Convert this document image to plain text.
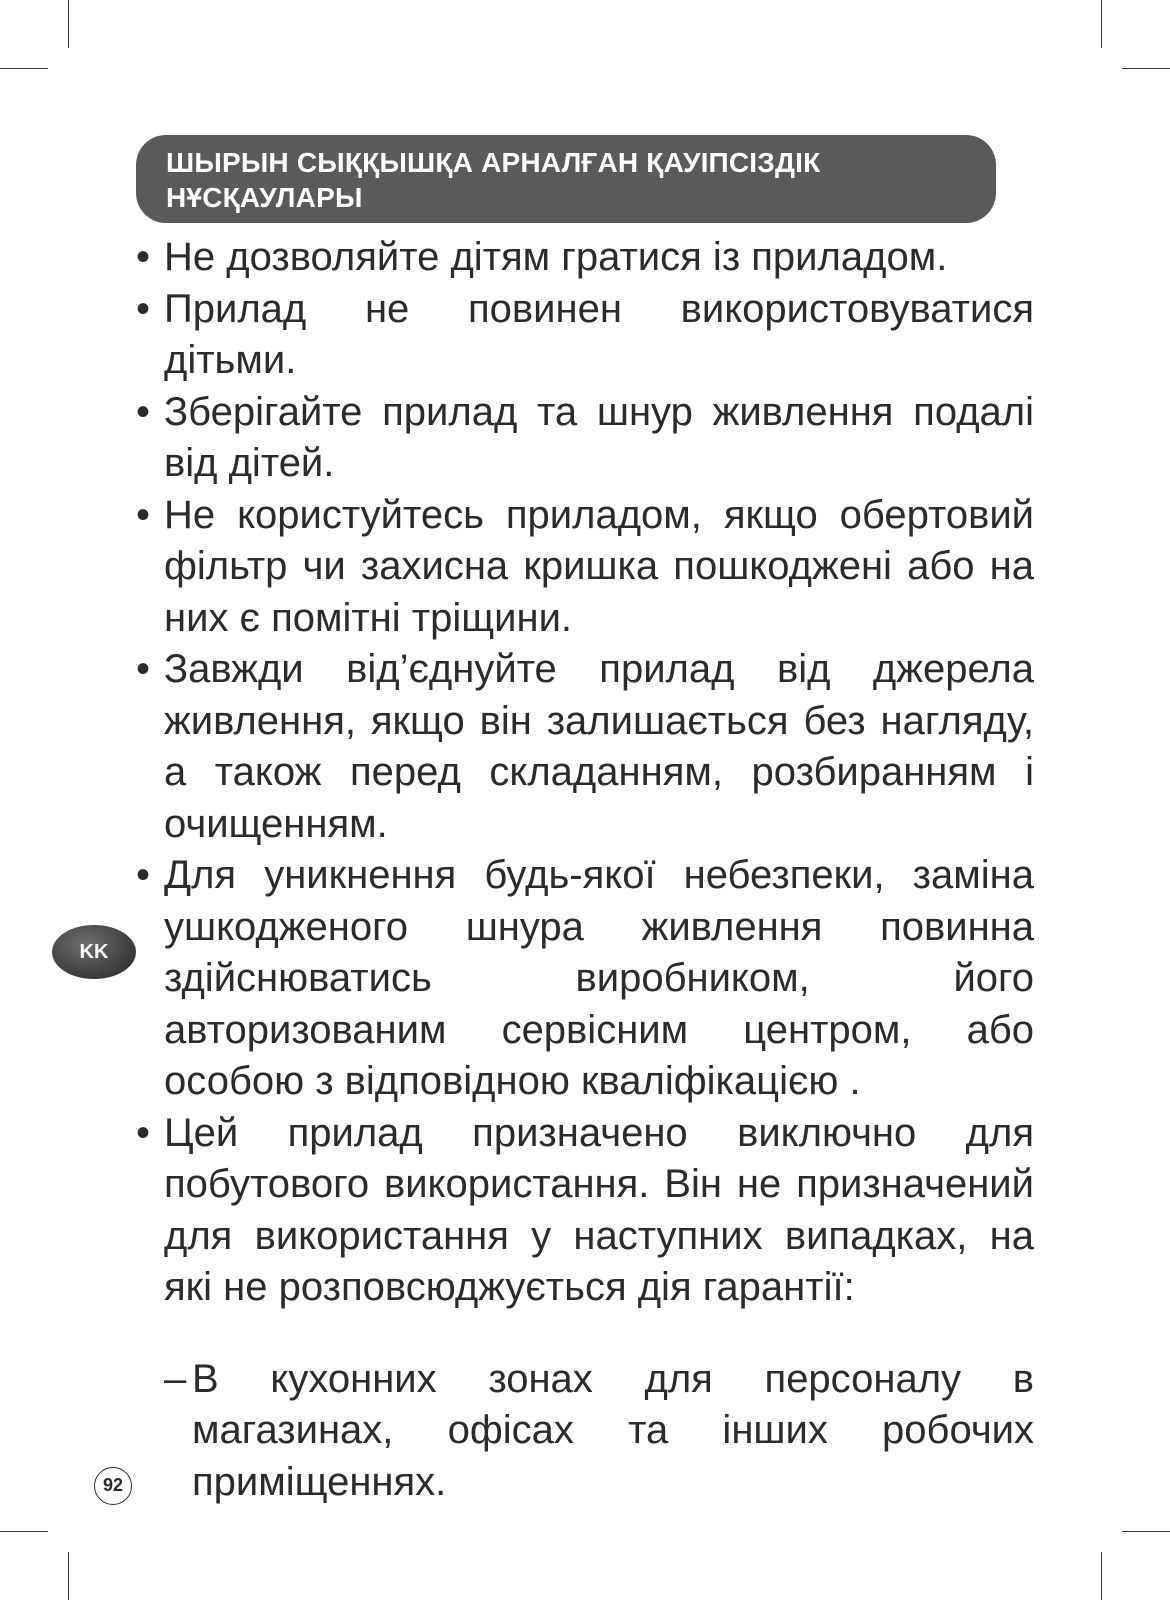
ШЫРЫН СЫҚҚЫШҚА АРНАЛҒАН ҚАУІПСІЗДІК НҰСҚАУЛАРЫ

• Не дозволяйте дітям гратися із приладом.

• Прилад не повинен використовуватися дітьми.

• Зберігайте прилад та шнур живлення подалі від дітей.

• Не користуйтесь приладом, якщо обертовий фільтр чи захисна кришка пошкоджені або на них є помітні тріщини.

• Завжди від’єднуйте прилад від джерела живлення, якщо він залишається без нагляду, а також перед складанням, розбиранням і очищенням.

• Для уникнення будь-якої небезпеки, заміна ушкодженого шнура живлення повинна здійснюватись виробником, його авторизованим сервісним центром, або особою з відповідною кваліфікацією .

• Цей прилад призначено виключно для побутового використання. Він не призначений для використання у наступних випадках, на які не розповсюджується дія гарантії:

– В кухонних зонах для персоналу в магазинах, офісах та інших робочих приміщеннях.

KK
92
